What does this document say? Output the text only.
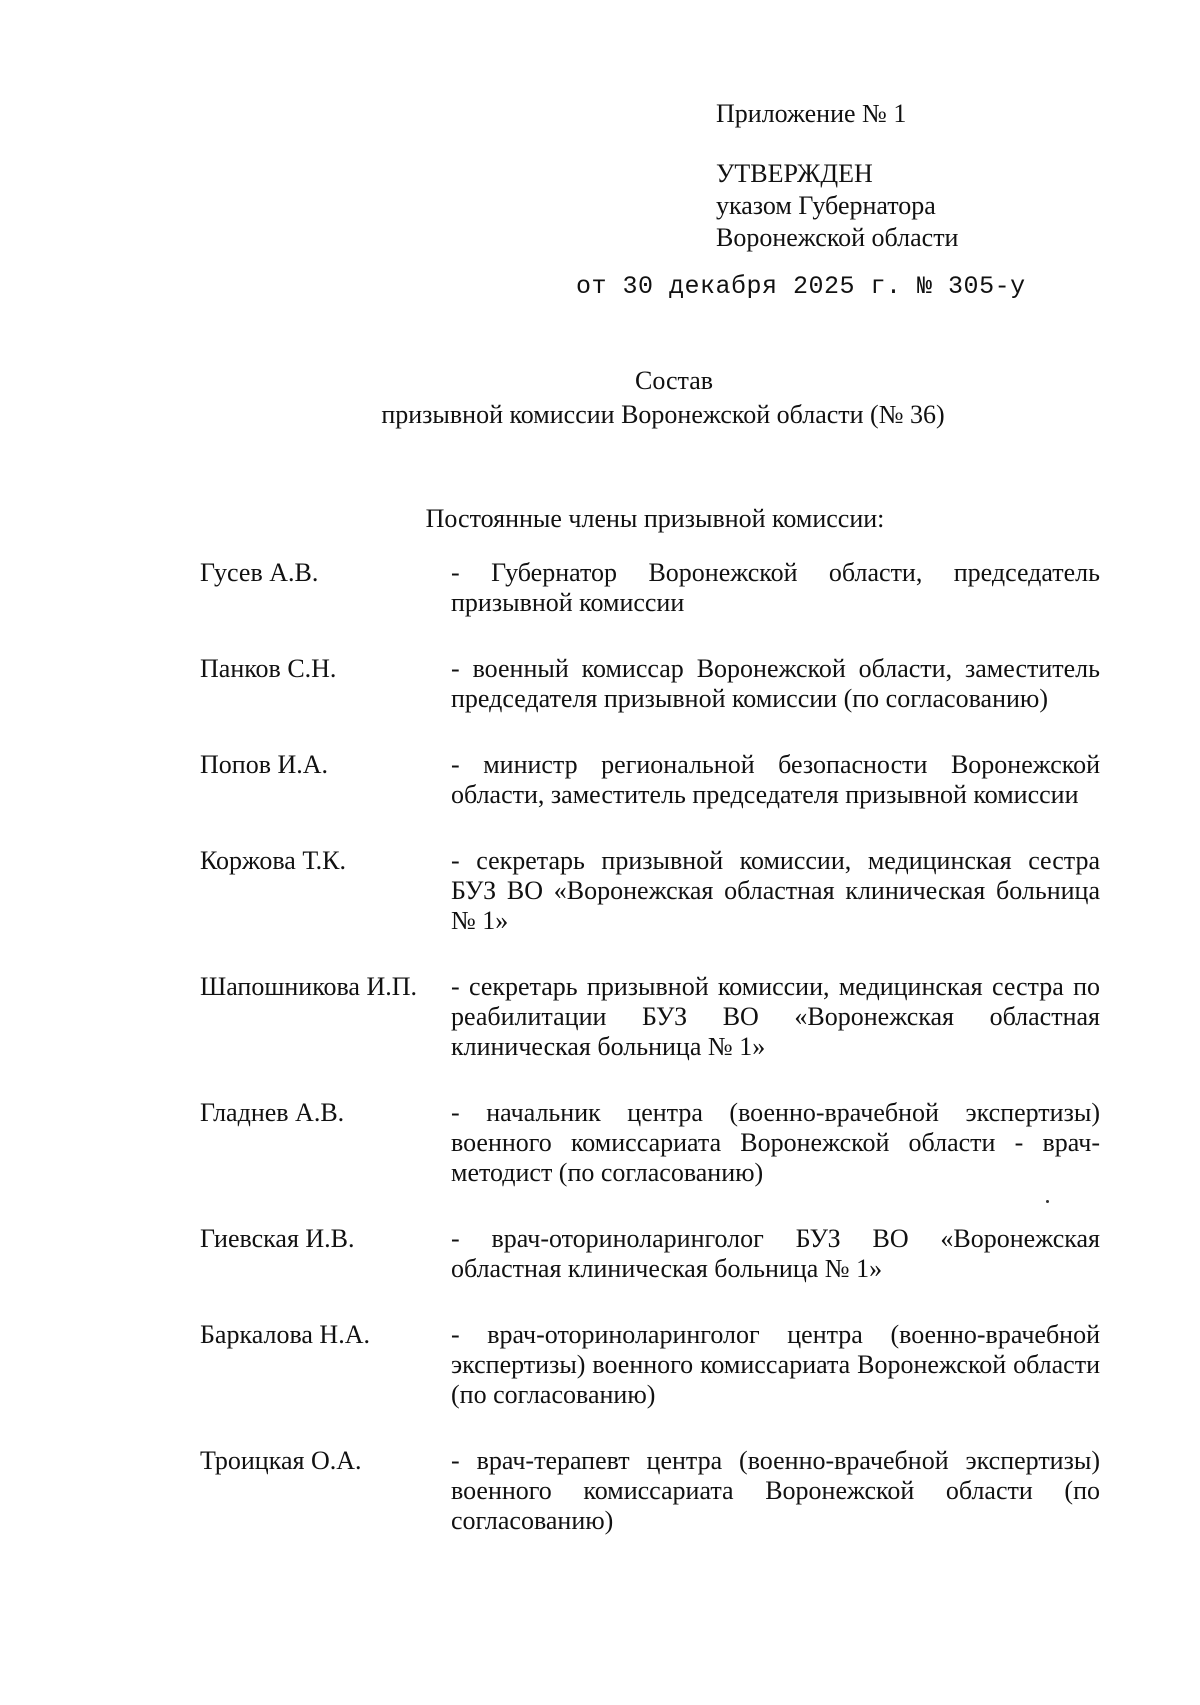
Приложение № 1
УТВЕРЖДЕН
указом Губернатора
Воронежской области
от 30 декабря 2025 г. № 305-у
Состав
призывной комиссии Воронежской области (№ 36)
Постоянные члены призывной комиссии:
Гусев А.В.	- Губернатор Воронежской области, председатель призывной комиссии
Панков С.Н.	- военный комиссар Воронежской области, заместитель председателя призывной комиссии (по согласованию)
Попов И.А.	- министр региональной безопасности Воронежской области, заместитель председателя призывной комиссии
Коржова Т.К.	- секретарь призывной комиссии, медицинская сестра БУЗ ВО «Воронежская областная клиническая больница № 1»
Шапошникова И.П.	- секретарь призывной комиссии, медицинская сестра по реабилитации БУЗ ВО «Воронежская областная клиническая больница № 1»
Гладнев А.В.	- начальник центра (военно-врачебной экспертизы) военного комиссариата Воронежской области - врач-методист (по согласованию)
Гиевская И.В.	- врач-оториноларинголог БУЗ ВО «Воронежская областная клиническая больница № 1»
Баркалова Н.А.	- врач-оториноларинголог центра (военно-врачебной экспертизы) военного комиссариата Воронежской области (по согласованию)
Троицкая О.А.	- врач-терапевт центра (военно-врачебной экспертизы) военного комиссариата Воронежской области (по согласованию)
